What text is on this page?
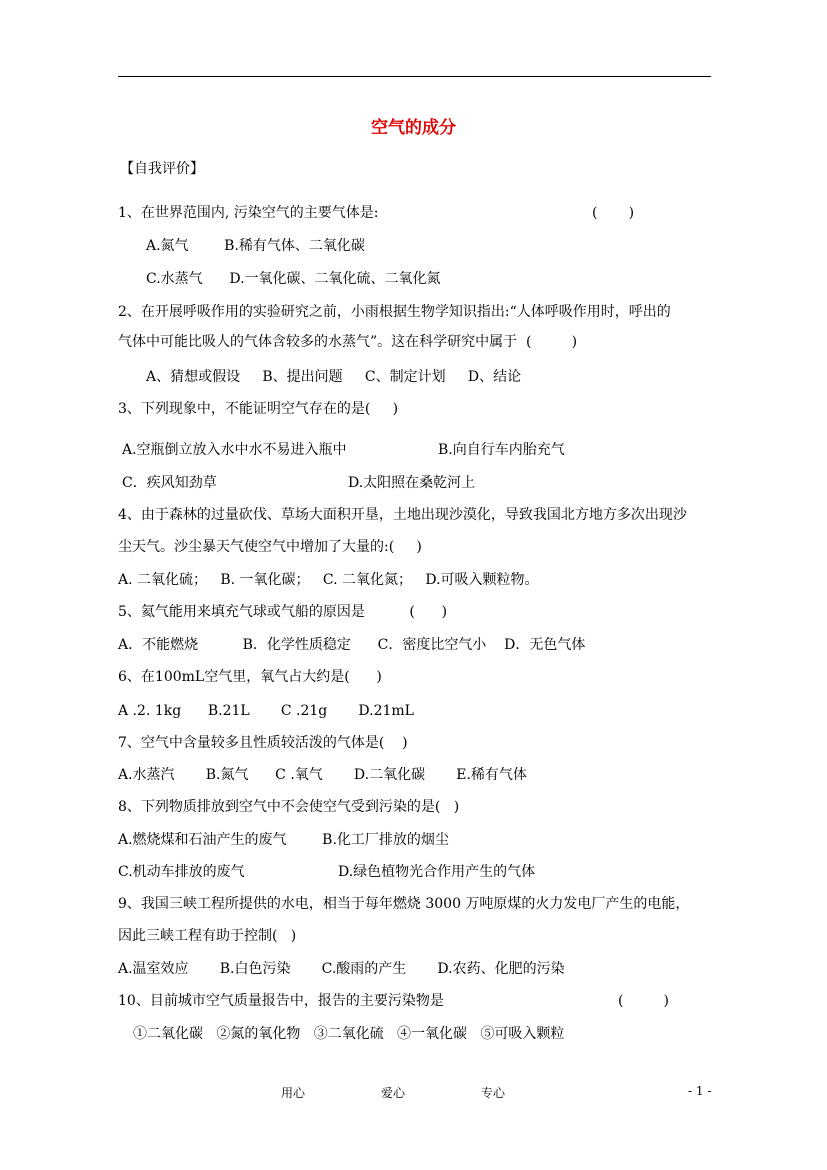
空气的成分
【自我评价】
1、在世界范围内, 污染空气的主要气体是:	(       )
A.氮气        B.稀有气体、二氧化碳
C.水蒸气      D.一氧化碳、二氧化硫、二氧化氮
2、在开展呼吸作用的实验研究之前，小雨根据生物学知识指出:“人体呼吸作用时，呼出的
气体中可能比吸人的气体含较多的水蒸气”。这在科学研究中属于  (         )
A、猜想或假设     B、提出问题     C、制定计划     D、结论
3、下列现象中，不能证明空气存在的是(     )
A.空瓶倒立放入水中水不易进入瓶中	B.向自行车内胎充气
C．疾风知劲草	D.太阳照在桑乾河上
4、由于森林的过量砍伐、草场大面积开垦，土地出现沙漠化，导致我国北方地方多次出现沙
尘天气。沙尘暴天气使空气中增加了大量的:(     )
A. 二氧化硫；   B. 一氧化碳；   C. 二氧化氮；   D.可吸入颗粒物。
5、氦气能用来填充气球或气船的原因是          (      )
A．不能燃烧          B．化学性质稳定      C．密度比空气小    D．无色气体
6、在100mL空气里，氧气占大约是(      )
A .2. 1kg      B.21L       C .21g       D.21mL
7、空气中含量较多且性质较活泼的气体是(    )
A.水蒸汽       B.氮气      C .氧气       D.二氧化碳       E.稀有气体
8、下列物质排放到空气中不会使空气受到污染的是(   )
A.燃烧煤和石油产生的废气        B.化工厂排放的烟尘
C.机动车排放的废气	D.绿色植物光合作用产生的气体
9、我国三峡工程所提供的水电，相当于每年燃烧 3000 万吨原煤的火力发电厂产生的电能，
因此三峡工程有助于控制(   )
A.温室效应       B.白色污染       C.酸雨的产生       D.农药、化肥的污染
10、目前城市空气质量报告中，报告的主要污染物是	(         )
①二氧化碳   ②氮的氧化物   ③二氧化硫   ④一氧化碳   ⑤可吸入颗粒
用心	爱心	专心	- 1 -
